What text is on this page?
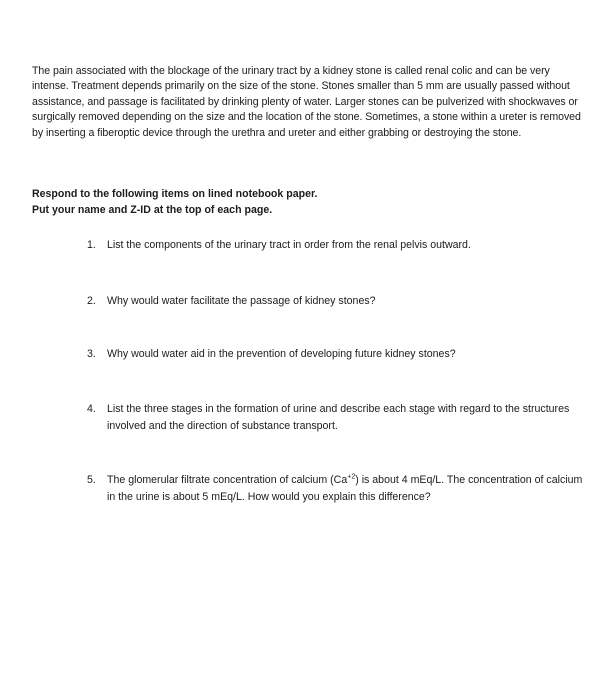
The pain associated with the blockage of the urinary tract by a kidney stone is called renal colic and can be very intense. Treatment depends primarily on the size of the stone. Stones smaller than 5 mm are usually passed without assistance, and passage is facilitated by drinking plenty of water. Larger stones can be pulverized with shockwaves or surgically removed depending on the size and the location of the stone. Sometimes, a stone within a ureter is removed by inserting a fiberoptic device through the urethra and ureter and either grabbing or destroying the stone.

Respond to the following items on lined notebook paper.
Put your name and Z-ID at the top of each page.
1.	List the components of the urinary tract in order from the renal pelvis outward.
2.	Why would water facilitate the passage of kidney stones?
3.	Why would water aid in the prevention of developing future kidney stones?
4.	List the three stages in the formation of urine and describe each stage with regard to the structures involved and the direction of substance transport.
5.	The glomerular filtrate concentration of calcium $(Ca^{+2})$ is about 4 mEq/L. The concentration of calcium in the urine is about 5 mEq/L. How would you explain this difference?
